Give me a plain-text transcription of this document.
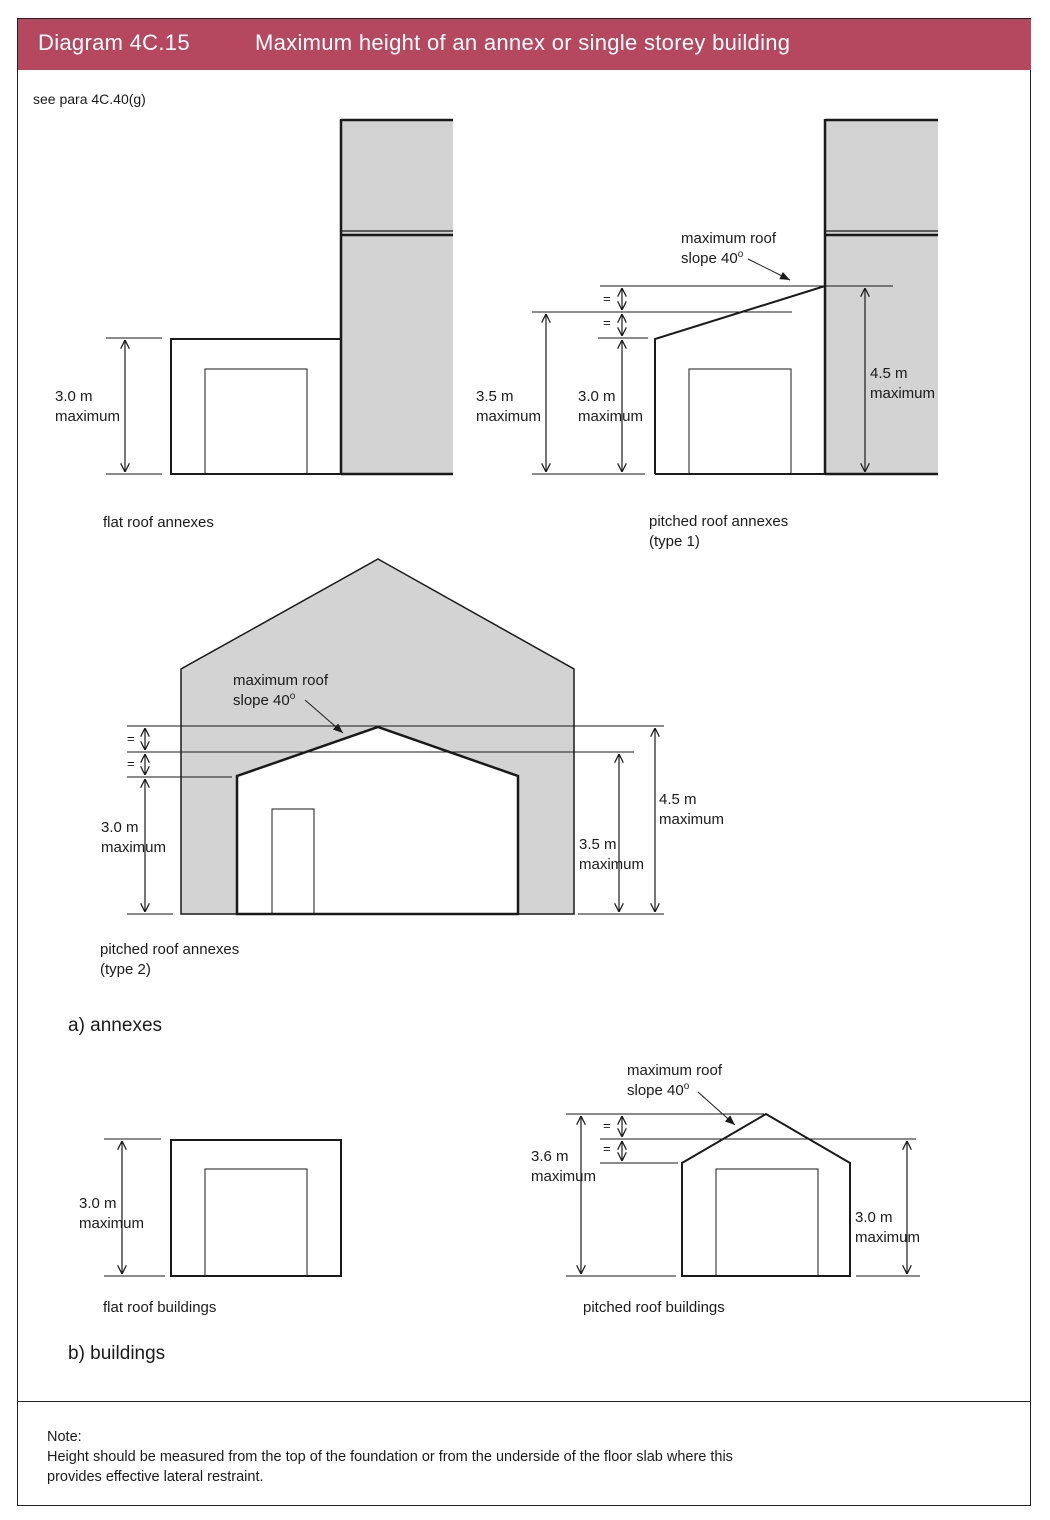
Diagram 4C.15	Maximum height of an annex or single storey building
see para 4C.40(g)
3.0 m
maximum
flat roof annexes
maximum roof
slope $40^o$
=
=
3.5 m
maximum
3.0 m
maximum
4.5 m
maximum
pitched roof annexes
(type 1)
maximum roof
slope $40^o$
=
=
3.0 m
maximum	3.5 m
maximum
4.5 m
maximum
pitched roof annexes
(type 2)
a) annexes
3.0 m
maximum
flat roof buildings
maximum roof
slope $40^o$
=
=
3.6 m
maximum
3.0 m
maximum
pitched roof buildings
b) buildings
Note:
Height should be measured from the top of the foundation or from the underside of the floor slab where this
provides effective lateral restraint.
